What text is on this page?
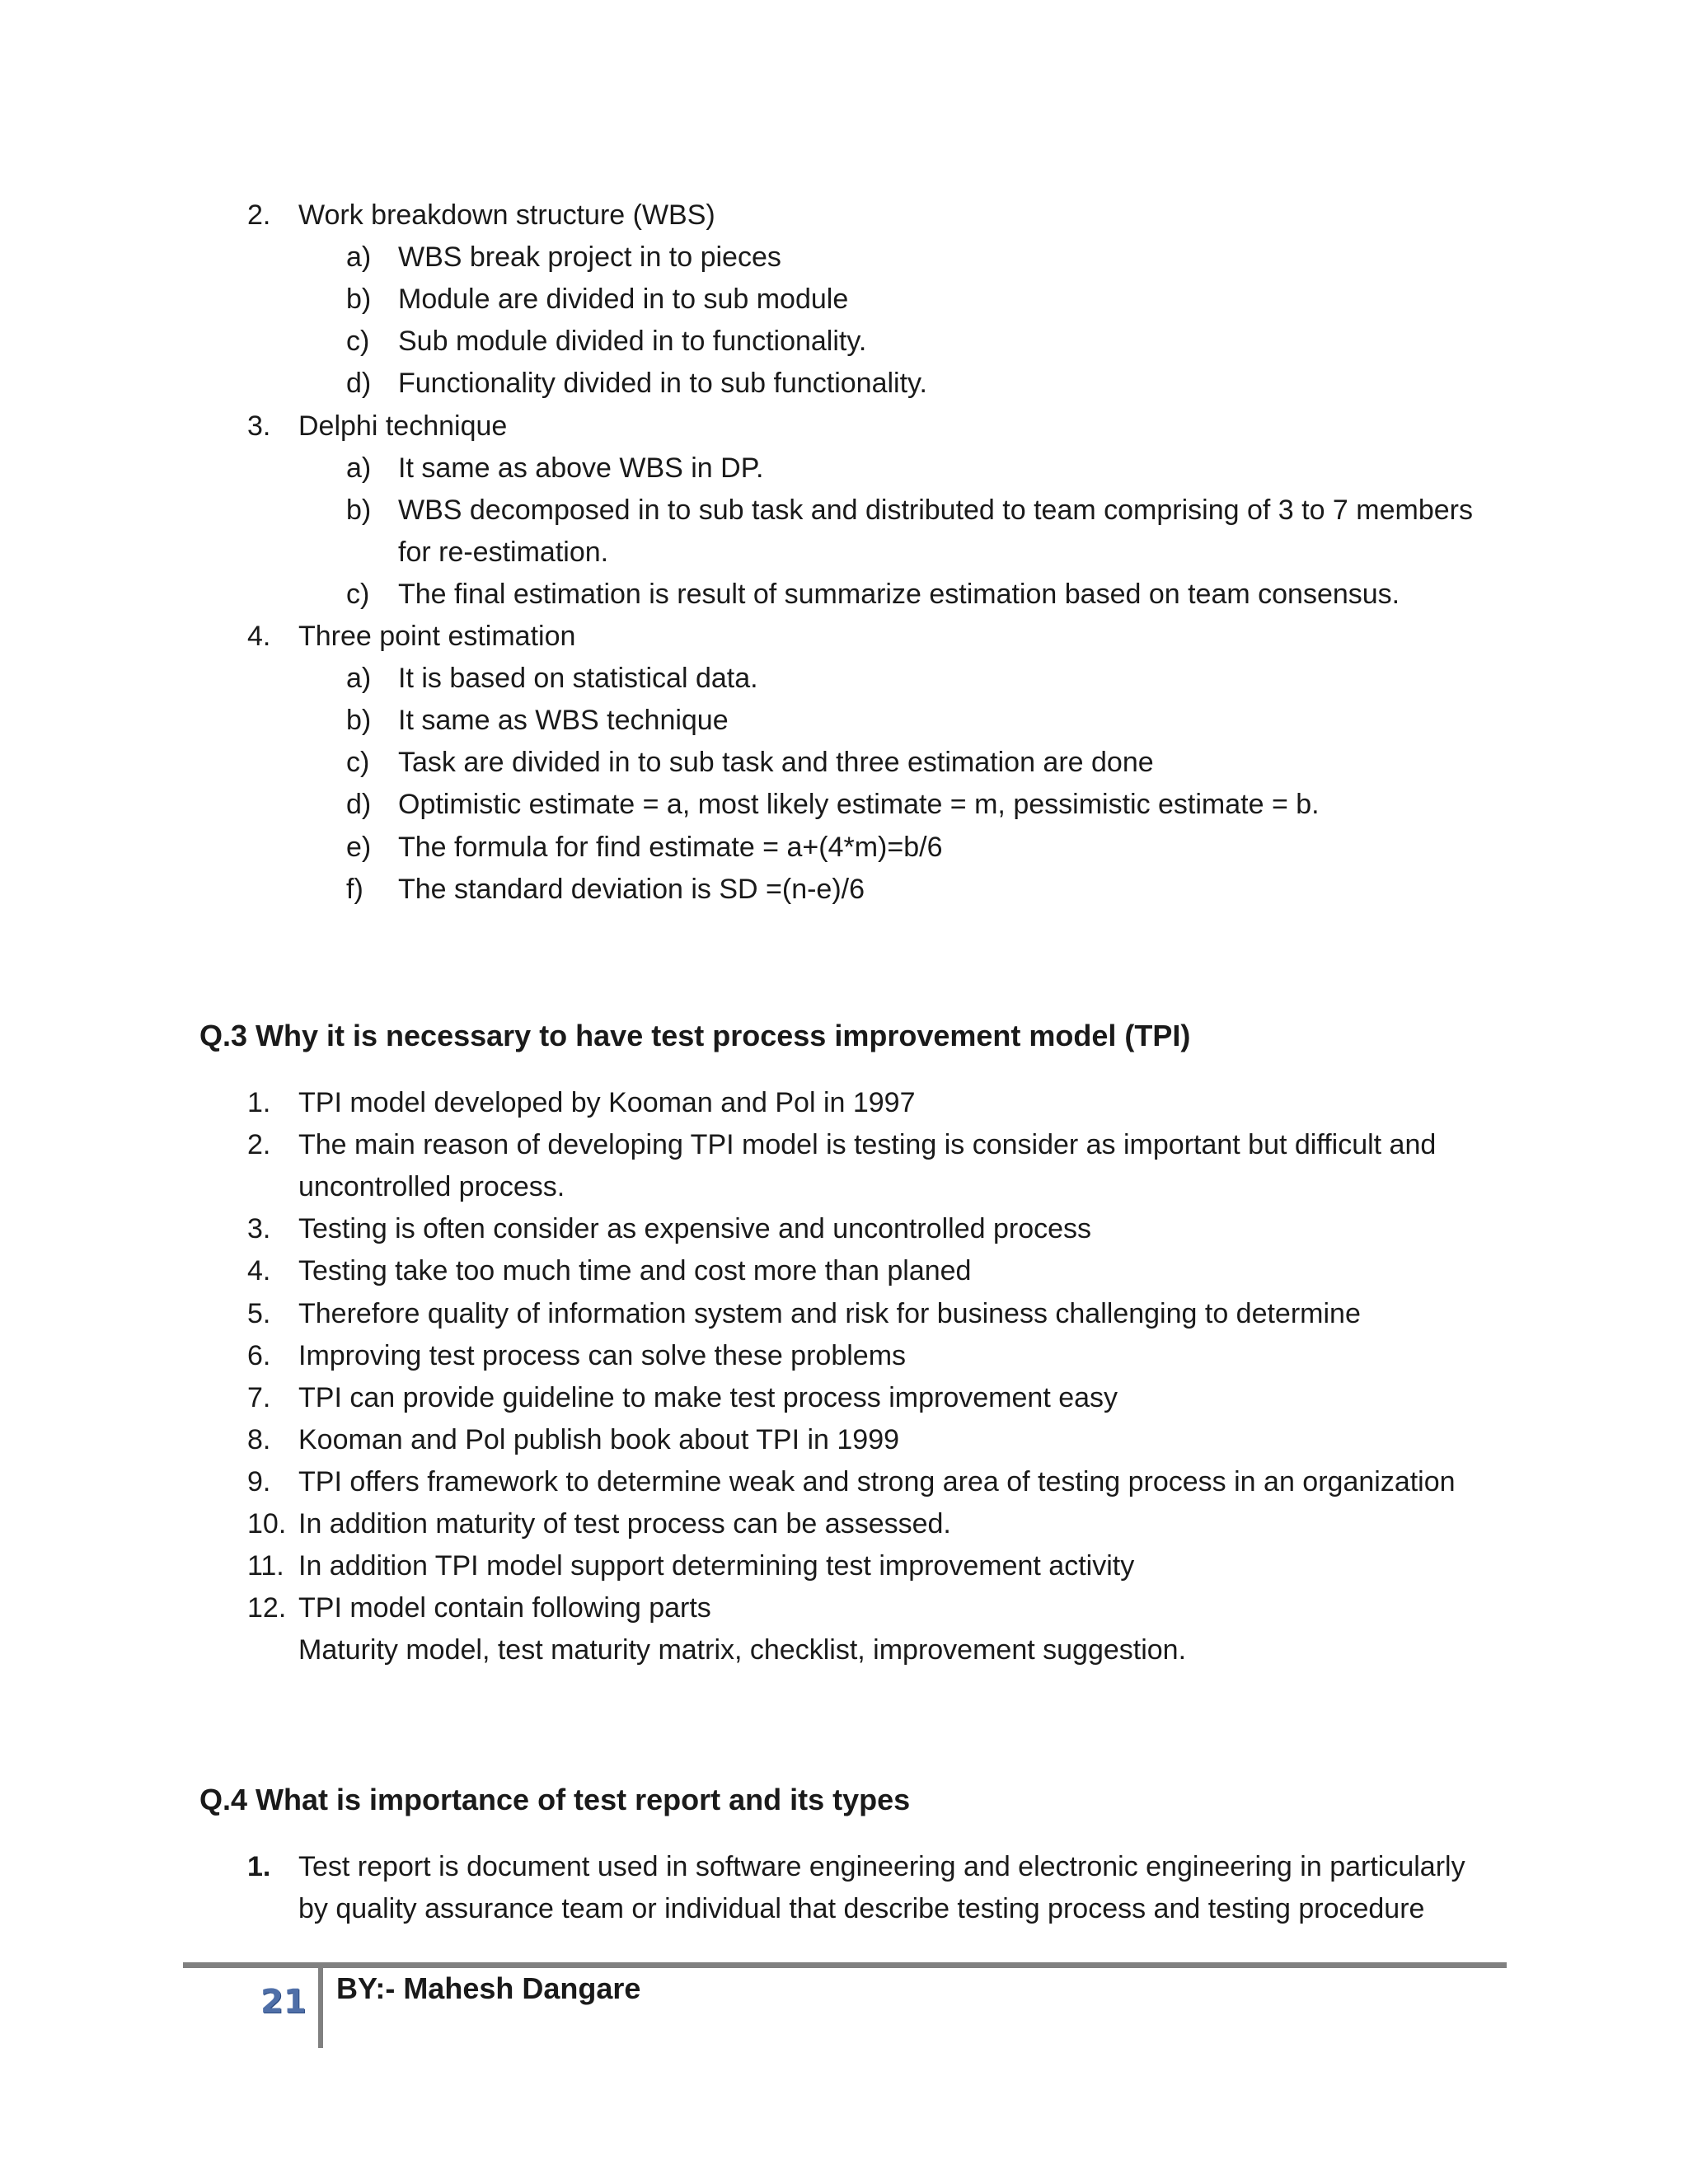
2. Work breakdown structure (WBS)
a) WBS break project in to pieces
b) Module are divided in to sub module
c) Sub module divided in to functionality.
d) Functionality divided in to sub functionality.
3. Delphi technique
a) It same as above WBS in DP.
b) WBS decomposed in to sub task and distributed to team comprising of 3 to 7 members
for re-estimation.
c) The final estimation is result of summarize estimation based on team consensus.
4. Three point estimation
a) It is based on statistical data.
b) It same as WBS technique
c) Task are divided in to sub task and three estimation are done
d) Optimistic estimate = a, most likely estimate = m, pessimistic estimate = b.
e) The formula for find estimate = a+(4*m)=b/6
f) The standard deviation is SD =(n-e)/6
Q.3 Why it is necessary to have test process improvement model (TPI)
1. TPI model developed by Kooman and Pol in 1997
2. The main reason of developing TPI model is testing is consider as important but difficult and
uncontrolled process.
3. Testing is often consider as expensive and uncontrolled process
4. Testing take too much time and cost more than planed
5. Therefore quality of information system and risk for business challenging to determine
6. Improving test process can solve these problems
7. TPI can provide guideline to make test process improvement easy
8. Kooman and Pol publish book about TPI in 1999
9. TPI offers framework to determine weak and strong area of testing process in an organization
10. In addition maturity of test process can be assessed.
11. In addition TPI model support determining test improvement activity
12. TPI model contain following parts
Maturity model, test maturity matrix, checklist, improvement suggestion.
Q.4 What is importance of test report and its types
1. Test report is document used in software engineering and electronic engineering in particularly
by quality assurance team or individual that describe testing process and testing procedure
21 BY:- Mahesh Dangare
